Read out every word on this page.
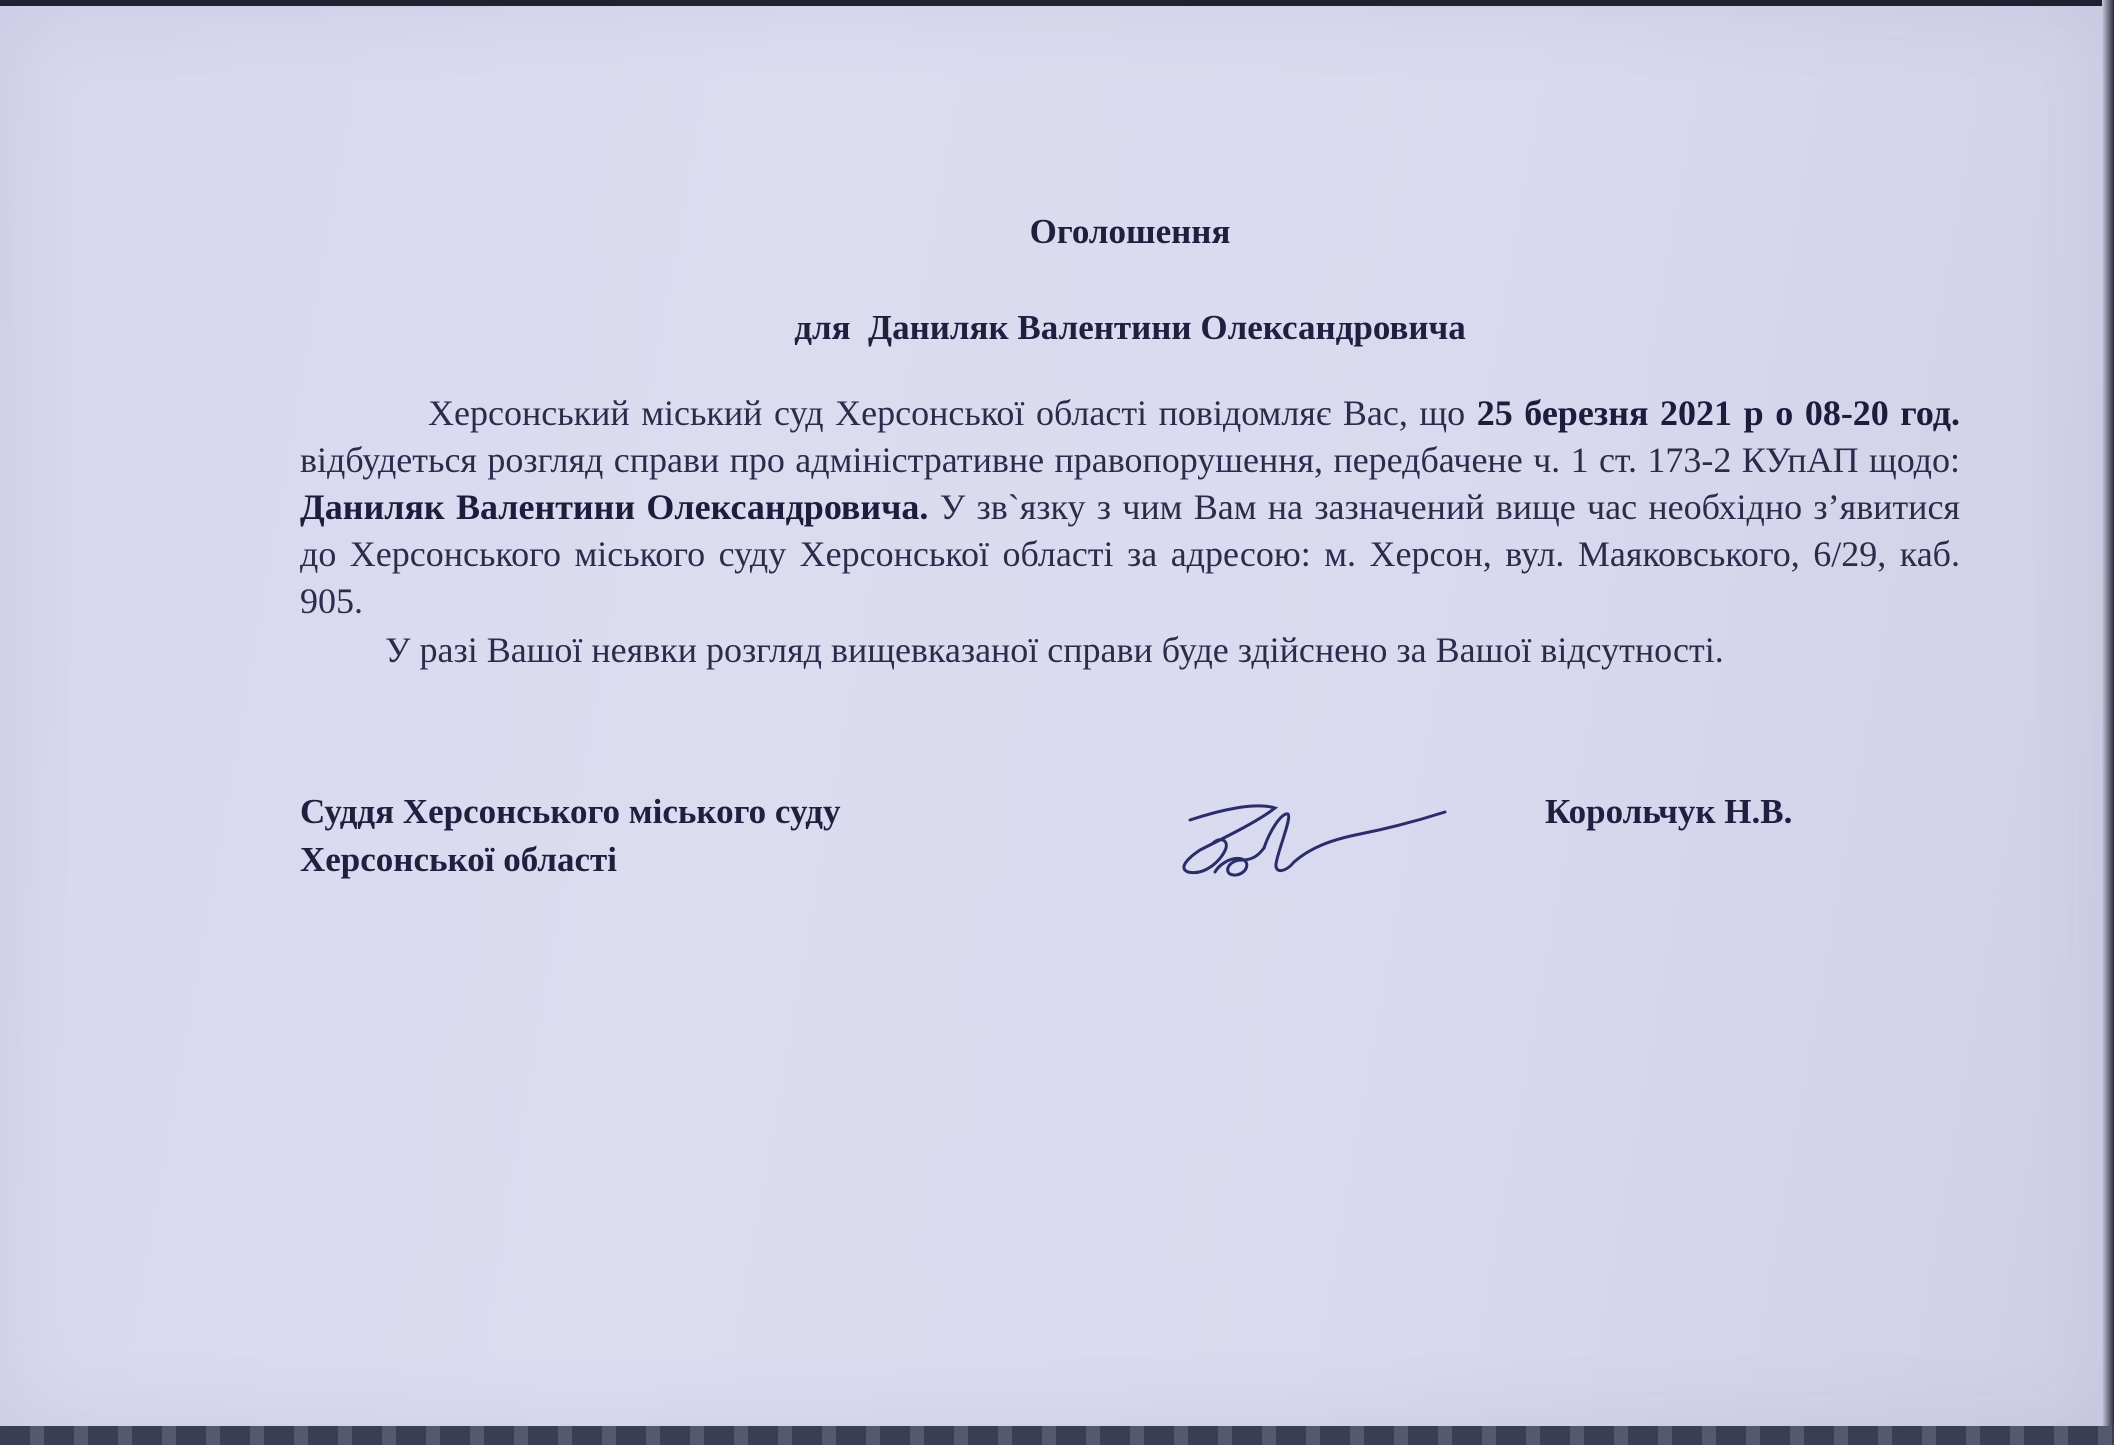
Оголошення
для  Даниляк Валентини Олександровича

Херсонський міський суд Херсонської області повідомляє Вас, що 25 березня 2021 р о 08-20 год. відбудеться розгляд справи про адміністративне правопорушення, передбачене ч. 1 ст. 173-2 КУпАП щодо: Даниляк Валентини Олександровича. У зв`язку з чим Вам на зазначений вище час необхідно з’явитися до Херсонського міського суду Херсонської області за адресою: м. Херсон, вул. Маяковського, 6/29, каб. 905.

У разі Вашої неявки розгляд вищевказаної справи буде здійснено за Вашої відсутності.

Суддя Херсонського міського суду
Херсонської області
Корольчук Н.В.
